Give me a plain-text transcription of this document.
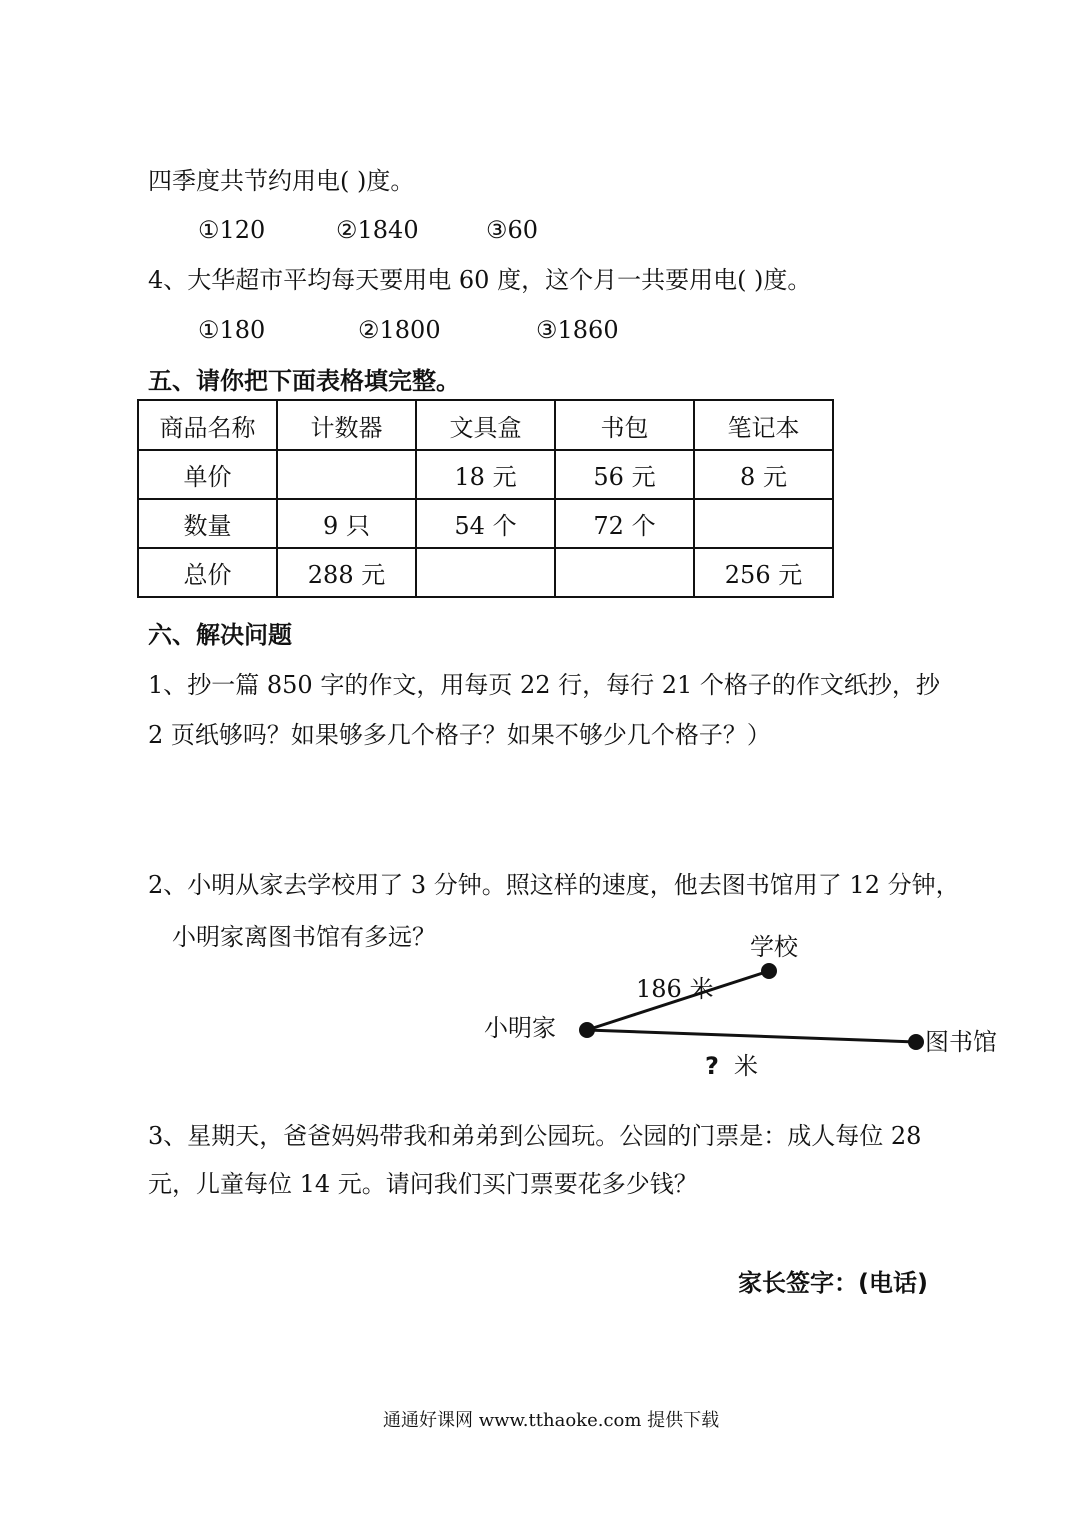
四季度共节约用电( )度。
①120	②1840	③60
4、大华超市平均每天要用电 60 度，这个月一共要用电( )度。
①180	②1800	③1860
五、请你把下面表格填完整。
商品名称	计数器	文具盒	书包	笔记本
单价		18 元	56 元	8 元
数量	9 只	54 个	72 个	
总价	288 元			256 元
六、解决问题
1、抄一篇 850 字的作文，用每页 22 行，每行 21 个格子的作文纸抄，抄
2 页纸够吗？如果够多几个格子？如果不够少几个格子？）
2、小明从家去学校用了 3 分钟。照这样的速度，他去图书馆用了 12 分钟，
小明家离图书馆有多远？	学校
186 米
小明家	图书馆
? 米
3、星期天，爸爸妈妈带我和弟弟到公园玩。公园的门票是：成人每位 28
元，儿童每位 14 元。请问我们买门票要花多少钱？
家长签字：(电话)
通通好课网 www.tthaoke.com 提供下载
